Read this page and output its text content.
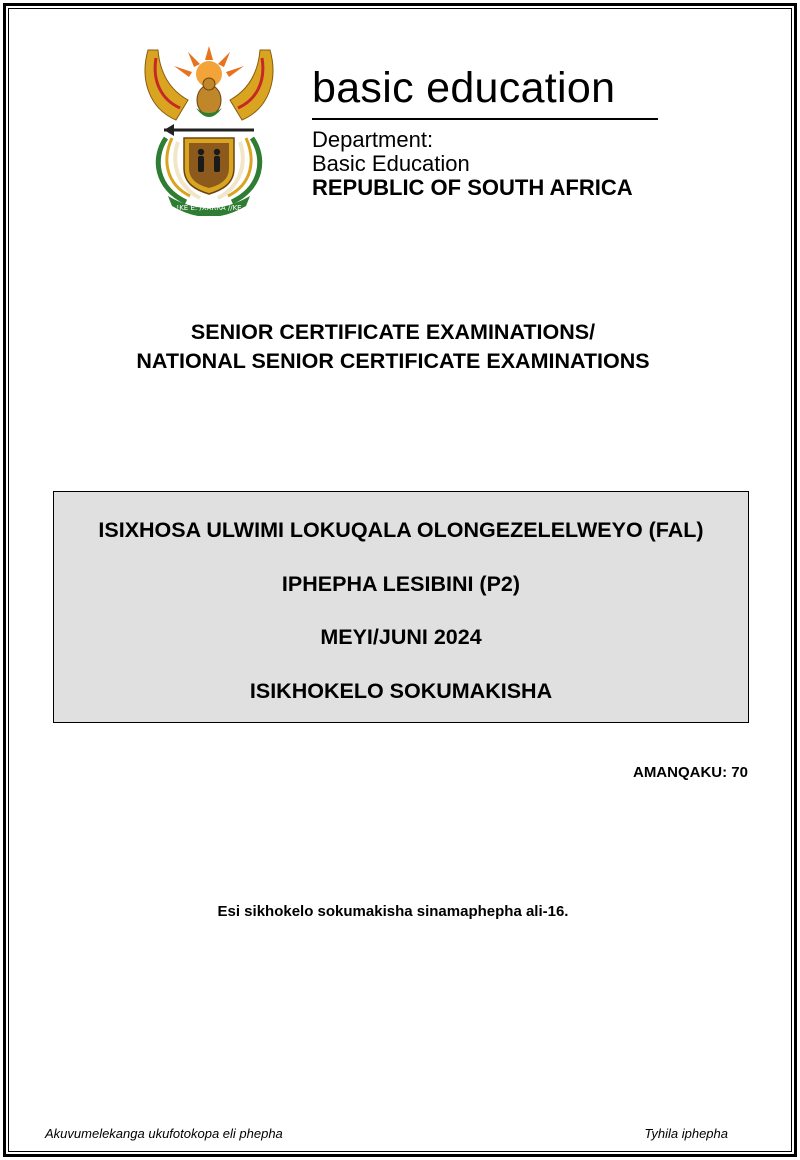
!KE E: /XARRA //KE
basic education
Department:
Basic Education
REPUBLIC OF SOUTH AFRICA
SENIOR CERTIFICATE EXAMINATIONS/
NATIONAL SENIOR CERTIFICATE EXAMINATIONS
ISIXHOSA ULWIMI LOKUQALA OLONGEZELELWEYO (FAL)
IPHEPHA LESIBINI (P2)
MEYI/JUNI 2024
ISIKHOKELO SOKUMAKISHA
AMANQAKU: 70
Esi sikhokelo sokumakisha sinamaphepha ali-16.
Akuvumelekanga ukufotokopa eli phepha	Tyhila iphepha
